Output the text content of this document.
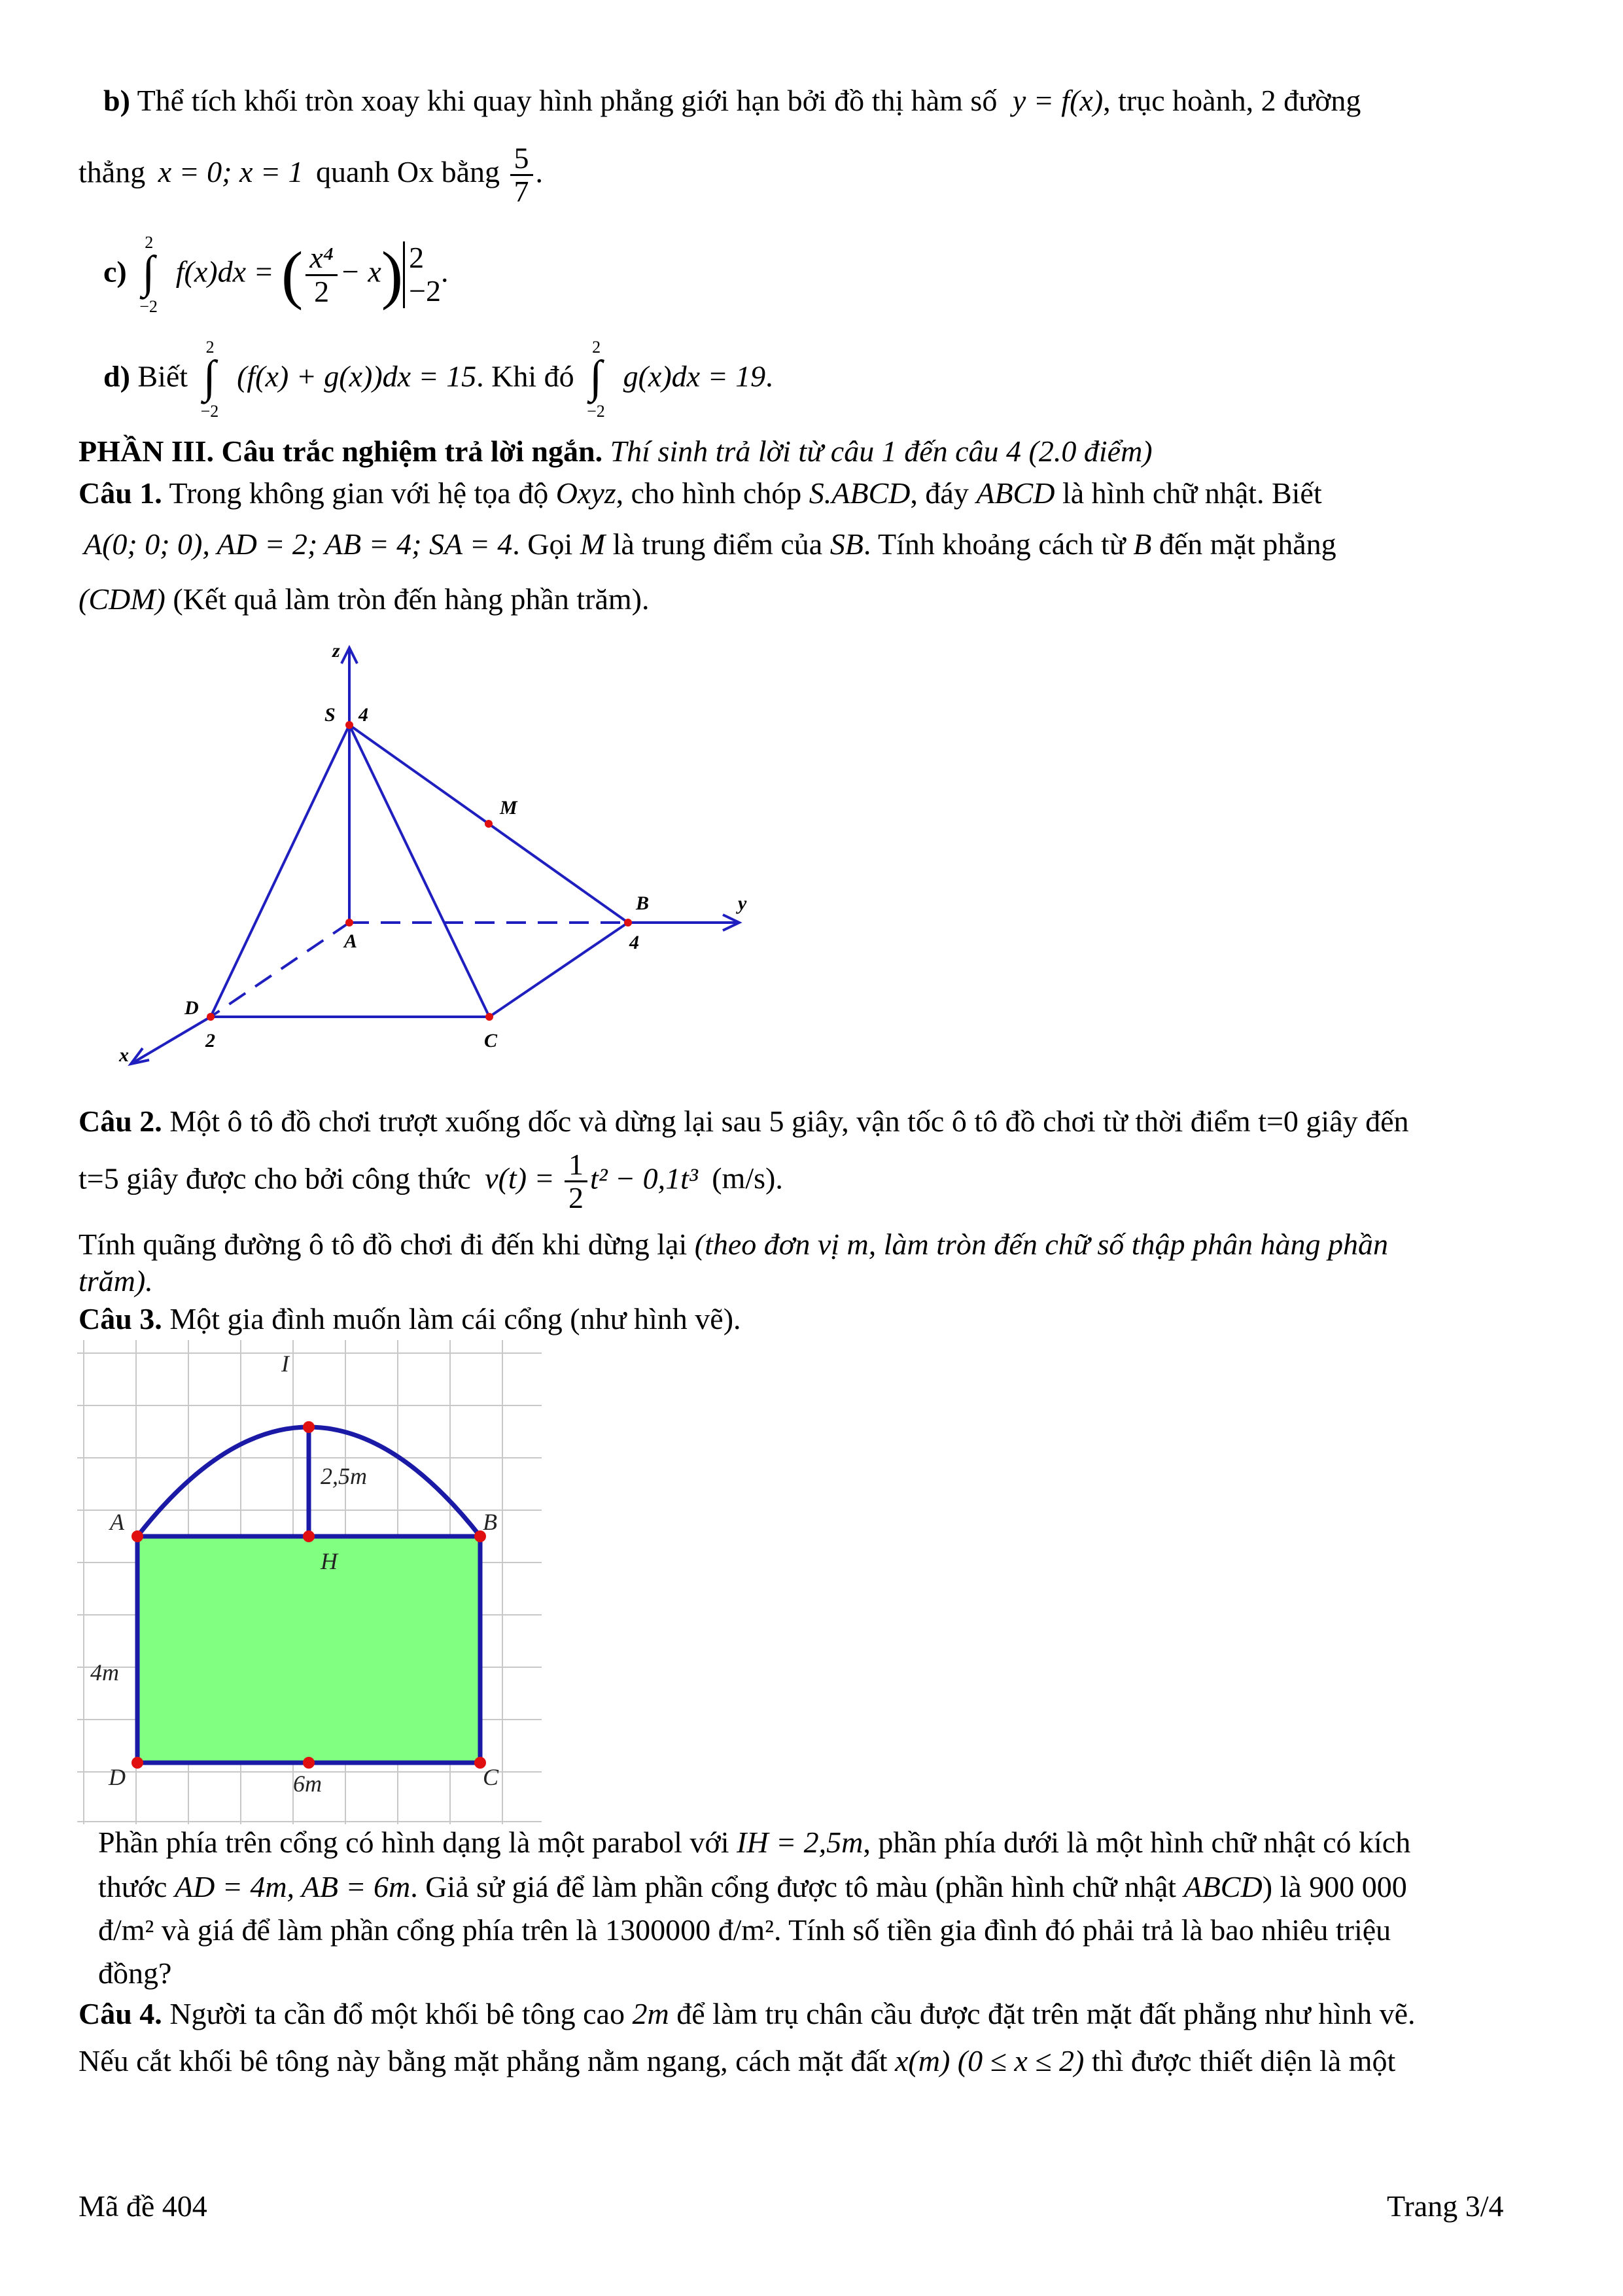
b) Thể tích khối tròn xoay khi quay hình phẳng giới hạn bởi đồ thị hàm số y = f(x), trục hoành, 2 đường
thẳng x = 0; x = 1 quanh Ox bằng $\frac{5}{7}$ .
c)
2
∫
−2
f(x)dx = ( $\frac{\text{x⁴}}{2} - x$) 2
−2
.
d) Biết
2
∫
−2
(f(x) + g(x))dx = 15. Khi đó
2
∫
−2
g(x)dx = 19.
PHẦN III. Câu trắc nghiệm trả lời ngắn. Thí sinh trả lời từ câu 1 đến câu 4 (2.0 điểm)
Câu 1. Trong không gian với hệ tọa độ Oxyz, cho hình chóp S.ABCD, đáy ABCD là hình chữ nhật. Biết
A(0; 0; 0), AD = 2; AB = 4; SA = 4. Gọi M là trung điểm của SB. Tính khoảng cách từ B đến mặt phẳng
(CDM) (Kết quả làm tròn đến hàng phần trăm).
z
S 4
M
B	y
A	4
D
2	C
x
Câu 2. Một ô tô đồ chơi trượt xuống dốc và dừng lại sau 5 giây, vận tốc ô tô đồ chơi từ thời điểm t=0 giây đến
t=5 giây được cho bởi công thức $v(t) = \frac{1}{2} t^2 - 0,1t^3$ (m/s).
Tính quãng đường ô tô đồ chơi đi đến khi dừng lại (theo đơn vị m, làm tròn đến chữ số thập phân hàng phần
trăm).
Câu 3. Một gia đình muốn làm cái cổng (như hình vẽ).
I
A	B
2,5m
H
4m
D	6m	C
Phần phía trên cổng có hình dạng là một parabol với IH = 2,5m, phần phía dưới là một hình chữ nhật có kích
thước AD = 4m, AB = 6m. Giả sử giá để làm phần cổng được tô màu (phần hình chữ nhật ABCD) là 900 000
đ/m² và giá để làm phần cổng phía trên là 1300000 đ/m². Tính số tiền gia đình đó phải trả là bao nhiêu triệu
đồng?
Câu 4. Người ta cần đổ một khối bê tông cao 2m để làm trụ chân cầu được đặt trên mặt đất phẳng như hình vẽ.
Nếu cắt khối bê tông này bằng mặt phẳng nằm ngang, cách mặt đất x(m) (0 ≤ x ≤ 2) thì được thiết diện là một
Mã đề 404	Trang 3/4
